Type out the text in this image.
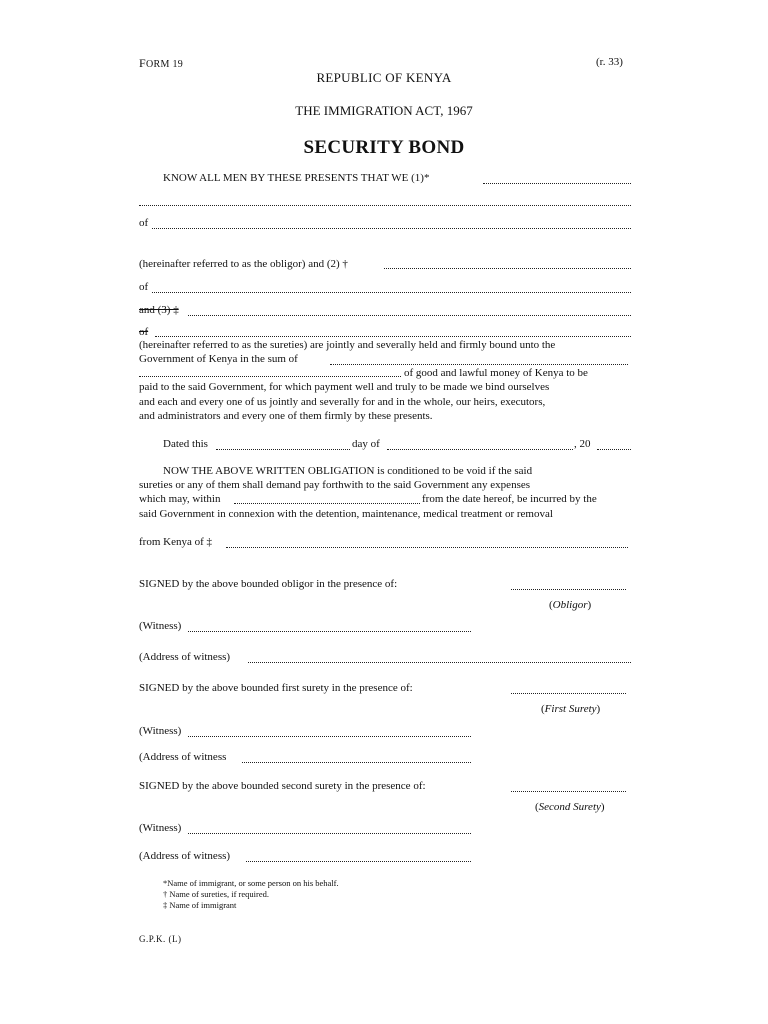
FORM 19	(r. 33)
REPUBLIC OF KENYA
THE IMMIGRATION ACT, 1967
SECURITY BOND
KNOW ALL MEN BY THESE PRESENTS THAT WE (1)*
of
(hereinafter referred to as the obligor) and (2) †
of
and (3) ‡
of
(hereinafter referred to as the sureties) are jointly and severally held and firmly bound unto the
Government of Kenya in the sum of
of good and lawful money of Kenya to be
paid to the said Government, for which payment well and truly to be made we bind ourselves
and each and every one of us jointly and severally for and in the whole, our heirs, executors,
and administrators and every one of them firmly by these presents.
Dated this	day of	, 20
NOW THE ABOVE WRITTEN OBLIGATION is conditioned to be void if the said
sureties or any of them shall demand pay forthwith to the said Government any expenses
which may, within	from the date hereof, be incurred by the
said Government in connexion with the detention, maintenance, medical treatment or removal
from Kenya of ‡
SIGNED by the above bounded obligor in the presence of:
(Obligor)
(Witness)
(Address of witness)
SIGNED by the above bounded first surety in the presence of:
(First Surety)
(Witness)
(Address of witness
SIGNED by the above bounded second surety in the presence of:
(Second Surety)
(Witness)
(Address of witness)
*Name of immigrant, or some person on his behalf.
† Name of sureties, if required.
‡ Name of immigrant
G.P.K. (L)
